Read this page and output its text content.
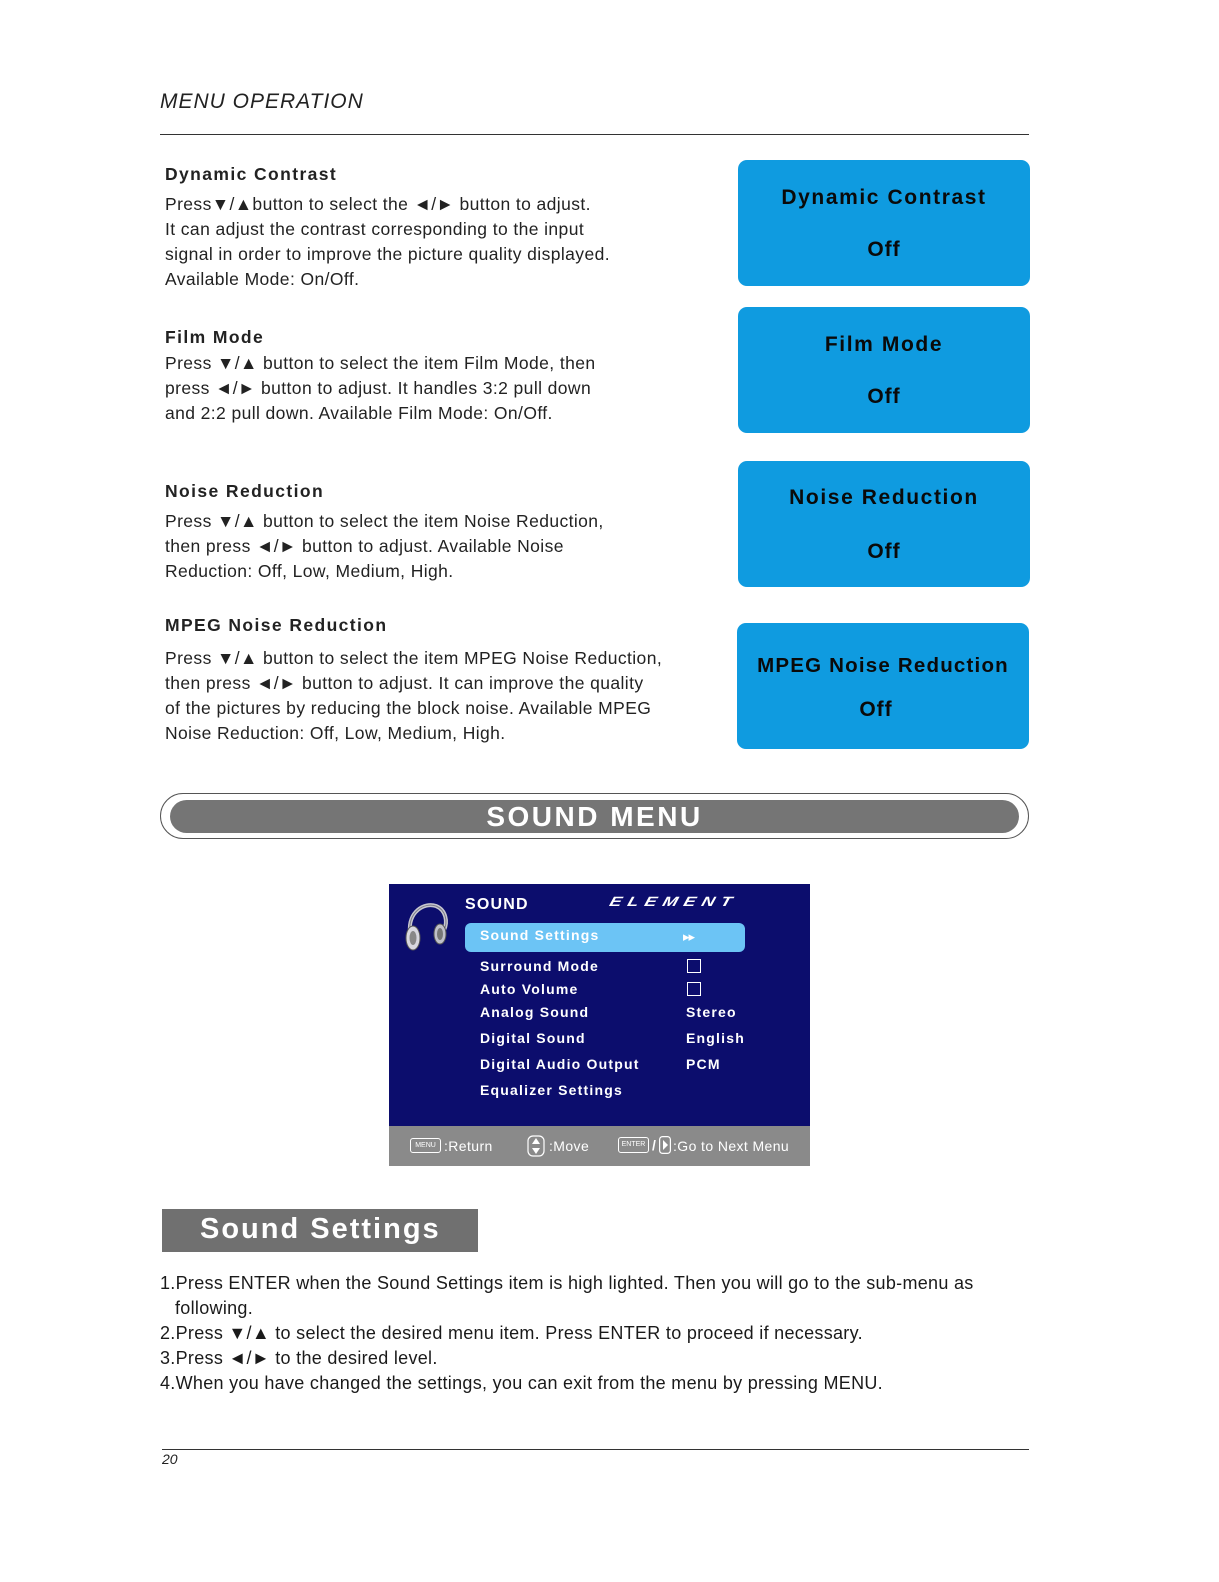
MENU OPERATION
Dynamic Contrast
Press▼/▲button to select the ◄/► button to adjust.
It can adjust the contrast corresponding to the input
signal in order to improve the picture quality displayed.
Available Mode: On/Off.
Dynamic Contrast
Off
Film Mode
Press ▼/▲ button to select the item Film Mode, then
press ◄/► button to adjust. It handles 3:2 pull down
and 2:2 pull down. Available Film Mode: On/Off.
Film Mode
Off
Noise Reduction
Press ▼/▲ button to select the item Noise Reduction,
then press ◄/► button to adjust. Available Noise
Reduction: Off, Low, Medium, High.
Noise Reduction
Off
MPEG Noise Reduction
Press ▼/▲ button to select the item MPEG Noise Reduction,
then press ◄/► button to adjust. It can improve the quality
of the pictures by reducing the block noise. Available MPEG
Noise Reduction: Off, Low, Medium, High.
MPEG Noise Reduction
Off
SOUND MENU
SOUND	ELEMENT
Sound Settings	▸▸
Surround Mode
Auto Volume
Analog Sound	Stereo
Digital Sound	English
Digital Audio Output	PCM
Equalizer Settings
MENU :Return	:Move	ENTER / :Go to Next Menu
Sound Settings
1.Press ENTER when the Sound Settings item is high lighted. Then you will go to the sub-menu as
following.
2.Press ▼/▲ to select the desired menu item. Press ENTER to proceed if necessary.
3.Press ◄/► to the desired level.
4.When you have changed the settings, you can exit from the menu by pressing MENU.
20
